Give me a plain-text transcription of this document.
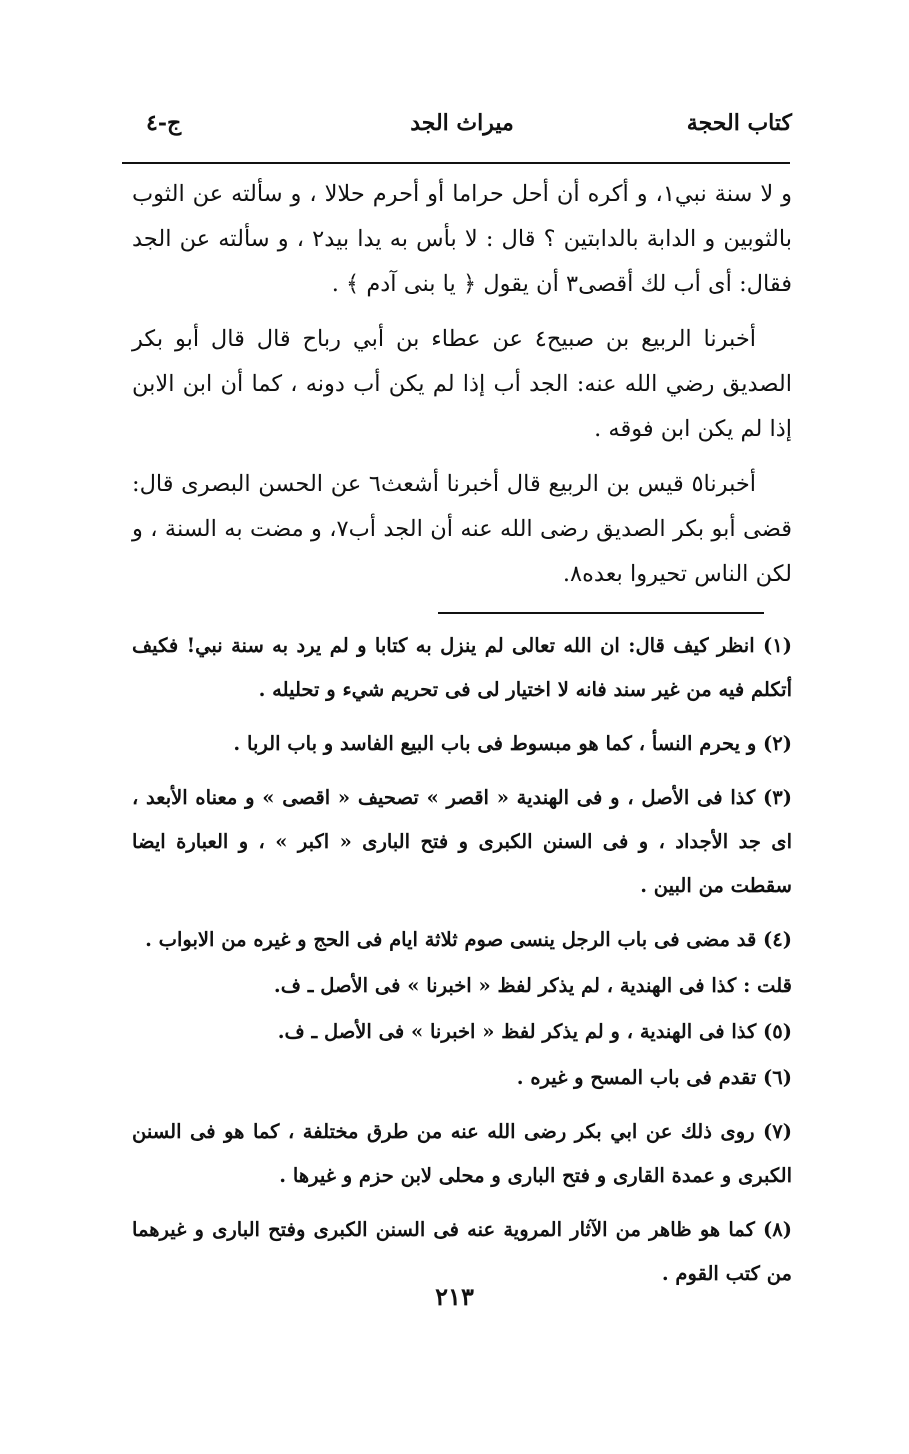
كتاب الحجة
ميراث الجد
ج-٤

و لا سنة نبي١، و أكره أن أحل حراما أو أحرم حلالا ، و سألته عن الثوب بالثوبين و الدابة بالدابتين ؟ قال : لا بأس به يدا بيد٢ ، و سألته عن الجد فقال: أى أب لك أقصى٣ أن يقول ﴿ يا بنى آدم ﴾ .

أخبرنا الربيع بن صبيح٤ عن عطاء بن أبي رباح قال قال أبو بكر الصديق رضي الله عنه: الجد أب إذا لم يكن أب دونه ، كما أن ابن الابن إذا لم يكن ابن فوقه .

أخبرنا٥ قيس بن الربيع قال أخبرنا أشعث٦ عن الحسن البصرى قال: قضى أبو بكر الصديق رضى الله عنه أن الجد أب٧، و مضت به السنة ، و لكن الناس تحيروا بعده٨.

(١) انظر كيف قال: ان الله تعالى لم ينزل به كتابا و لم يرد به سنة نبي! فكيف أتكلم فيه من غير سند فانه لا اختيار لى فى تحريم شيء و تحليله .

(٢) و يحرم النسأ ، كما هو مبسوط فى باب البيع الفاسد و باب الربا .

(٣) كذا فى الأصل ، و فى الهندية « اقصر » تصحيف « اقصى » و معناه الأبعد ، اى جد الأجداد ، و فى السنن الكبرى و فتح البارى « اكبر » ، و العبارة ايضا سقطت من البين .

(٤) قد مضى فى باب الرجل ينسى صوم ثلاثة ايام فى الحج و غيره من الابواب .

قلت : كذا فى الهندية ، لم يذكر لفظ « اخبرنا » فى الأصل ـ ف.

(٥) كذا فى الهندية ، و لم يذكر لفظ « اخبرنا » فى الأصل ـ ف.

(٦) تقدم فى باب المسح و غيره .

(٧) روى ذلك عن ابي بكر رضى الله عنه من طرق مختلفة ، كما هو فى السنن الكبرى و عمدة القارى و فتح البارى و محلى لابن حزم و غيرها .

(٨) كما هو ظاهر من الآثار المروية عنه فى السنن الكبرى وفتح البارى و غيرهما من كتب القوم .

٢١٣
